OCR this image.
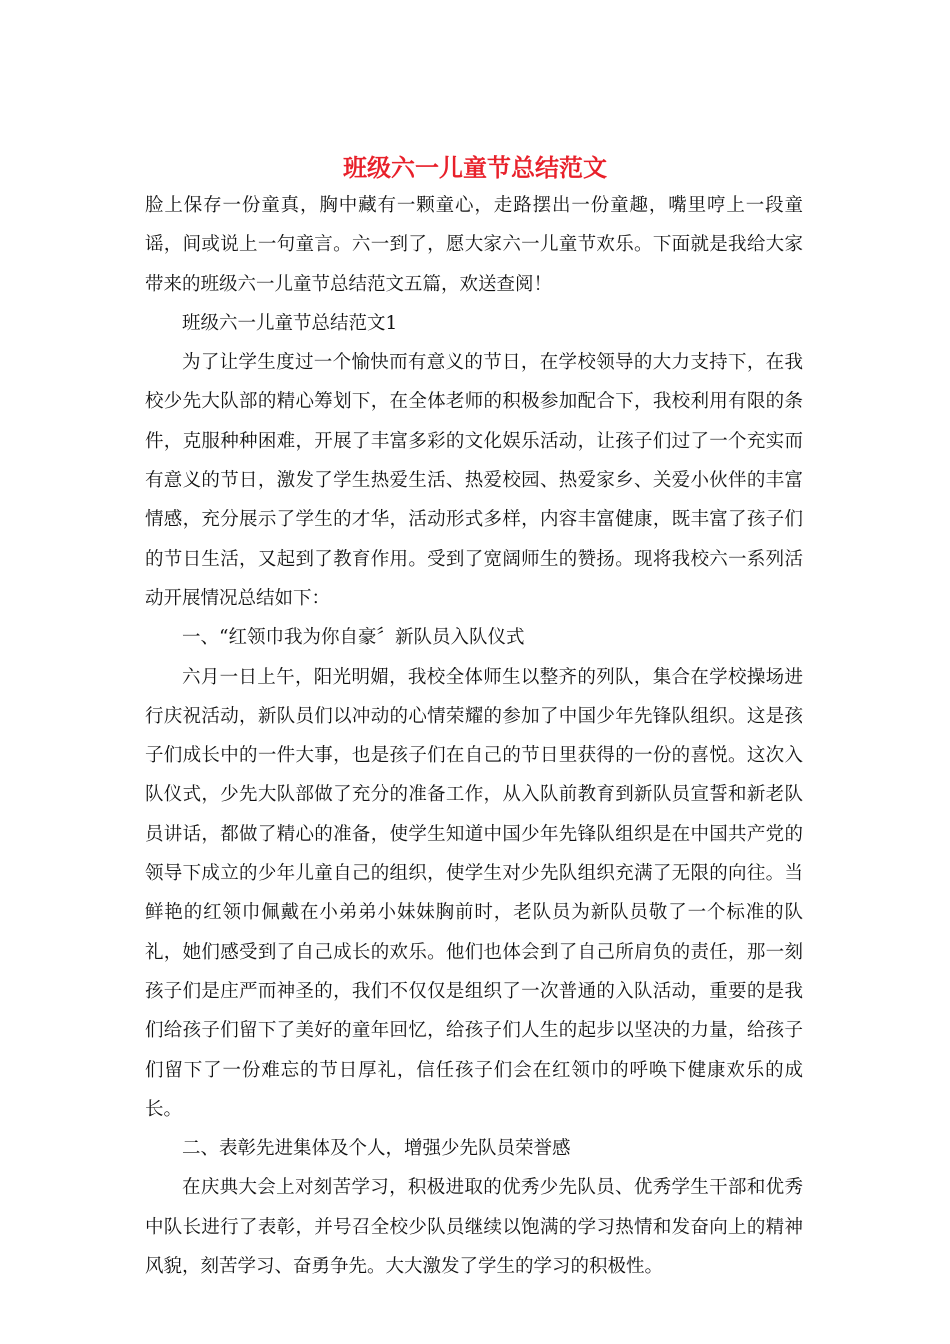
班级六一儿童节总结范文

脸上保存一份童真，胸中藏有一颗童心，走路摆出一份童趣，嘴里哼上一段童谣，间或说上一句童言。六一到了，愿大家六一儿童节欢乐。下面就是我给大家带来的班级六一儿童节总结范文五篇，欢送查阅！

班级六一儿童节总结范文1

为了让学生度过一个愉快而有意义的节日，在学校领导的大力支持下，在我校少先大队部的精心筹划下，在全体老师的积极参加配合下，我校利用有限的条件，克服种种困难，开展了丰富多彩的文化娱乐活动，让孩子们过了一个充实而有意义的节日，激发了学生热爱生活、热爱校园、热爱家乡、关爱小伙伴的丰富情感，充分展示了学生的才华，活动形式多样，内容丰富健康，既丰富了孩子们的节日生活，又起到了教育作用。受到了宽阔师生的赞扬。现将我校六一系列活动开展情况总结如下：

一、“红领巾我为你自豪〞新队员入队仪式

六月一日上午，阳光明媚，我校全体师生以整齐的列队，集合在学校操场进行庆祝活动，新队员们以冲动的心情荣耀的参加了中国少年先锋队组织。这是孩子们成长中的一件大事，也是孩子们在自己的节日里获得的一份的喜悦。这次入队仪式，少先大队部做了充分的准备工作，从入队前教育到新队员宣誓和新老队员讲话，都做了精心的准备，使学生知道中国少年先锋队组织是在中国共产党的领导下成立的少年儿童自己的组织，使学生对少先队组织充满了无限的向往。当鲜艳的红领巾佩戴在小弟弟小妹妹胸前时，老队员为新队员敬了一个标准的队礼，她们感受到了自己成长的欢乐。他们也体会到了自己所肩负的责任，那一刻孩子们是庄严而神圣的，我们不仅仅是组织了一次普通的入队活动，重要的是我们给孩子们留下了美好的童年回忆，给孩子们人生的起步以坚决的力量，给孩子们留下了一份难忘的节日厚礼，信任孩子们会在红领巾的呼唤下健康欢乐的成长。

二、表彰先进集体及个人，增强少先队员荣誉感

在庆典大会上对刻苦学习，积极进取的优秀少先队员、优秀学生干部和优秀中队长进行了表彰，并号召全校少队员继续以饱满的学习热情和发奋向上的精神风貌，刻苦学习、奋勇争先。大大激发了学生的学习的积极性。
